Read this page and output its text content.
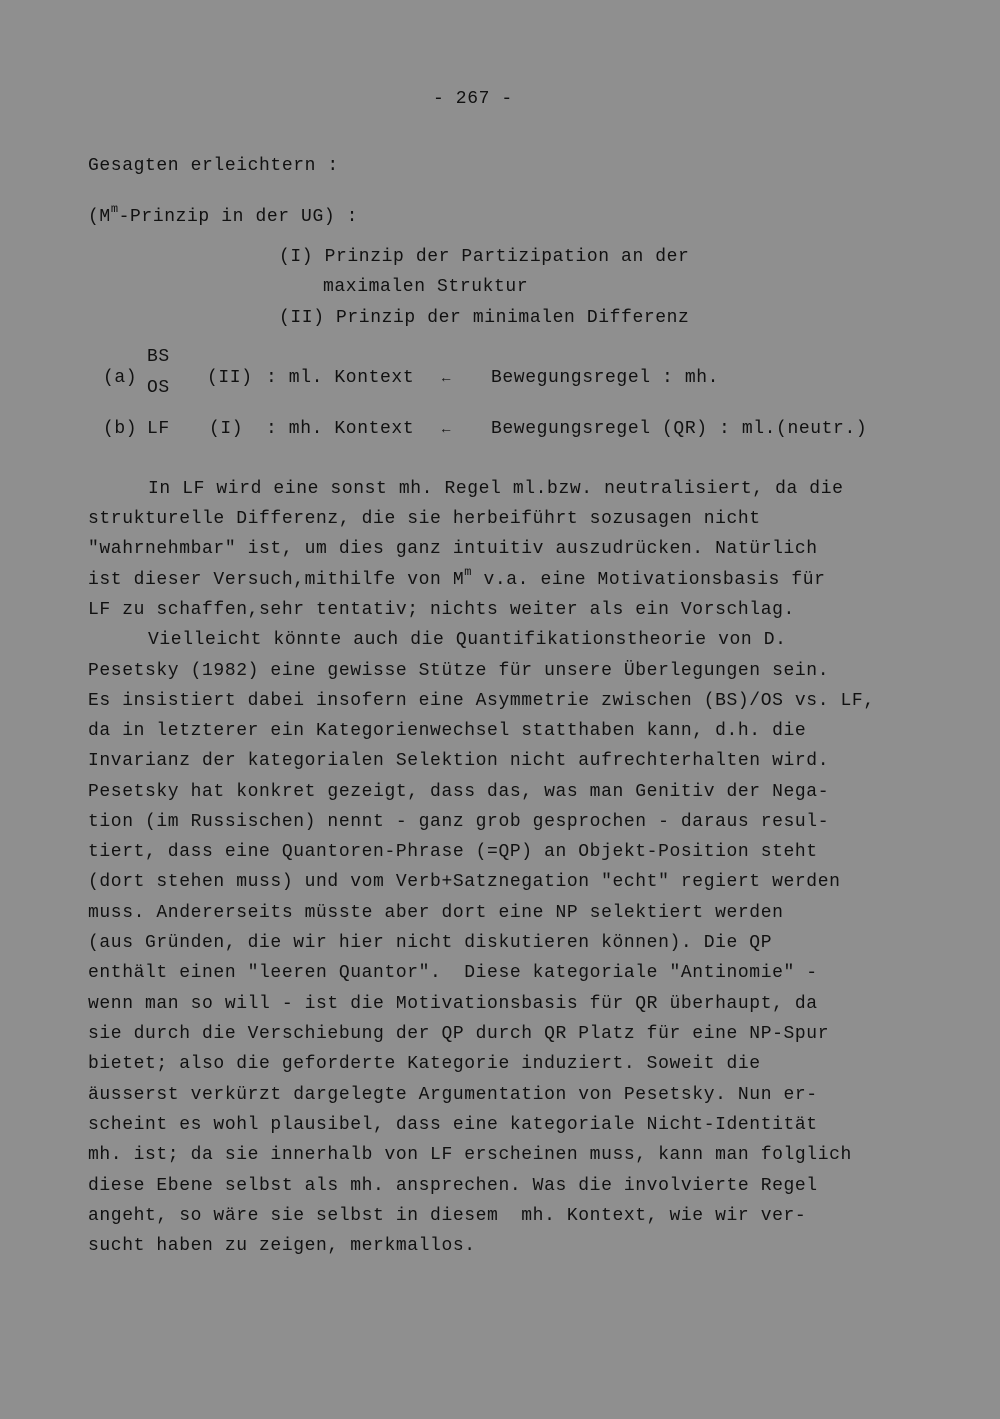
- 267 -
Gesagten erleichtern :
($M^m$-Prinzip in der UG) :
(I) Prinzip der Partizipation an der
maximalen Struktur
(II) Prinzip der minimalen Differenz
(a)
BS
OS (II) : ml. Kontext ← Bewegungsregel : mh.
(b) LF (I) : mh. Kontext ← Bewegungsregel (QR) : ml.(neutr.)
In LF wird eine sonst mh. Regel ml.bzw. neutralisiert, da die
strukturelle Differenz, die sie herbeiführt sozusagen nicht
"wahrnehmbar" ist, um dies ganz intuitiv auszudrücken. Natürlich
ist dieser Versuch,mithilfe von $M^m$ v.a. eine Motivationsbasis für
LF zu schaffen,sehr tentativ; nichts weiter als ein Vorschlag.
Vielleicht könnte auch die Quantifikationstheorie von D.
Pesetsky (1982) eine gewisse Stütze für unsere Überlegungen sein.
Es insistiert dabei insofern eine Asymmetrie zwischen (BS)/OS vs. LF,
da in letzterer ein Kategorienwechsel statthaben kann, d.h. die
Invarianz der kategorialen Selektion nicht aufrechterhalten wird.
Pesetsky hat konkret gezeigt, dass das, was man Genitiv der Nega-
tion (im Russischen) nennt - ganz grob gesprochen - daraus resul-
tiert, dass eine Quantoren-Phrase (=QP) an Objekt-Position steht
(dort stehen muss) und vom Verb+Satznegation "echt" regiert werden
muss. Andererseits müsste aber dort eine NP selektiert werden
(aus Gründen, die wir hier nicht diskutieren können). Die QP
enthält einen "leeren Quantor".  Diese kategoriale "Antinomie" -
wenn man so will - ist die Motivationsbasis für QR überhaupt, da
sie durch die Verschiebung der QP durch QR Platz für eine NP-Spur
bietet; also die geforderte Kategorie induziert. Soweit die
äusserst verkürzt dargelegte Argumentation von Pesetsky. Nun er-
scheint es wohl plausibel, dass eine kategoriale Nicht-Identität
mh. ist; da sie innerhalb von LF erscheinen muss, kann man folglich
diese Ebene selbst als mh. ansprechen. Was die involvierte Regel
angeht, so wäre sie selbst in diesem  mh. Kontext, wie wir ver-
sucht haben zu zeigen, merkmallos.
